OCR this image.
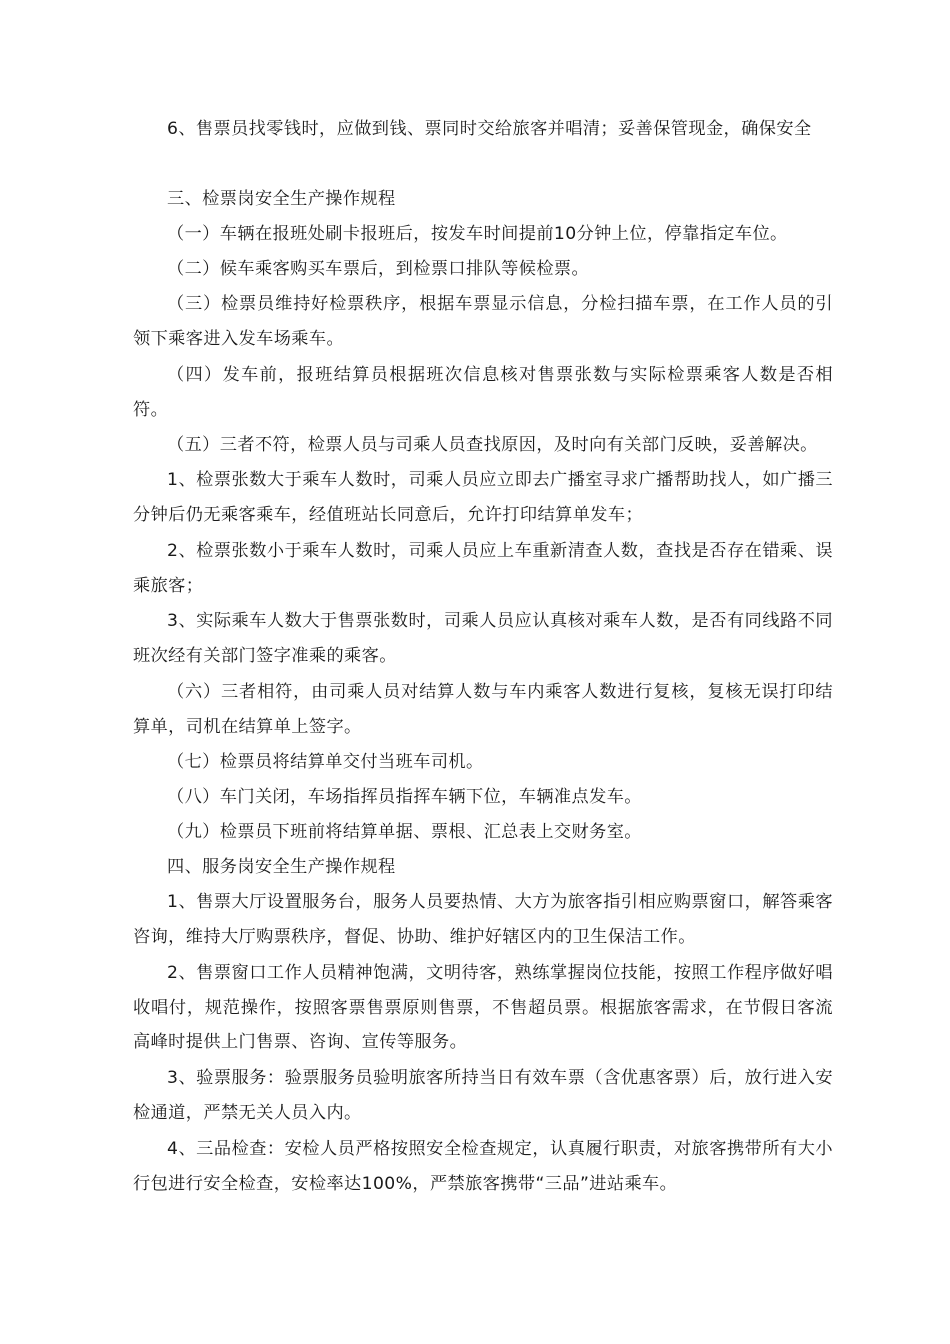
6、售票员找零钱时，应做到钱、票同时交给旅客并唱清；妥善保管现金，确保安全

三、检票岗安全生产操作规程

（一）车辆在报班处刷卡报班后，按发车时间提前10分钟上位，停靠指定车位。

（二）候车乘客购买车票后，到检票口排队等候检票。

（三）检票员维持好检票秩序，根据车票显示信息，分检扫描车票，在工作人员的引领下乘客进入发车场乘车。

（四）发车前，报班结算员根据班次信息核对售票张数与实际检票乘客人数是否相符。

（五）三者不符，检票人员与司乘人员查找原因，及时向有关部门反映，妥善解决。

1、检票张数大于乘车人数时，司乘人员应立即去广播室寻求广播帮助找人，如广播三分钟后仍无乘客乘车，经值班站长同意后，允许打印结算单发车；

2、检票张数小于乘车人数时，司乘人员应上车重新清查人数，查找是否存在错乘、误乘旅客；

3、实际乘车人数大于售票张数时，司乘人员应认真核对乘车人数，是否有同线路不同班次经有关部门签字准乘的乘客。

（六）三者相符，由司乘人员对结算人数与车内乘客人数进行复核，复核无误打印结算单，司机在结算单上签字。

（七）检票员将结算单交付当班车司机。

（八）车门关闭，车场指挥员指挥车辆下位，车辆准点发车。

（九）检票员下班前将结算单据、票根、汇总表上交财务室。

四、服务岗安全生产操作规程

1、售票大厅设置服务台，服务人员要热情、大方为旅客指引相应购票窗口，解答乘客咨询，维持大厅购票秩序，督促、协助、维护好辖区内的卫生保洁工作。

2、售票窗口工作人员精神饱满，文明待客，熟练掌握岗位技能，按照工作程序做好唱收唱付，规范操作，按照客票售票原则售票，不售超员票。根据旅客需求，在节假日客流高峰时提供上门售票、咨询、宣传等服务。

3、验票服务：验票服务员验明旅客所持当日有效车票（含优惠客票）后，放行进入安检通道，严禁无关人员入内。

4、三品检查：安检人员严格按照安全检查规定，认真履行职责，对旅客携带所有大小行包进行安全检查，安检率达100%，严禁旅客携带“三品”进站乘车。
